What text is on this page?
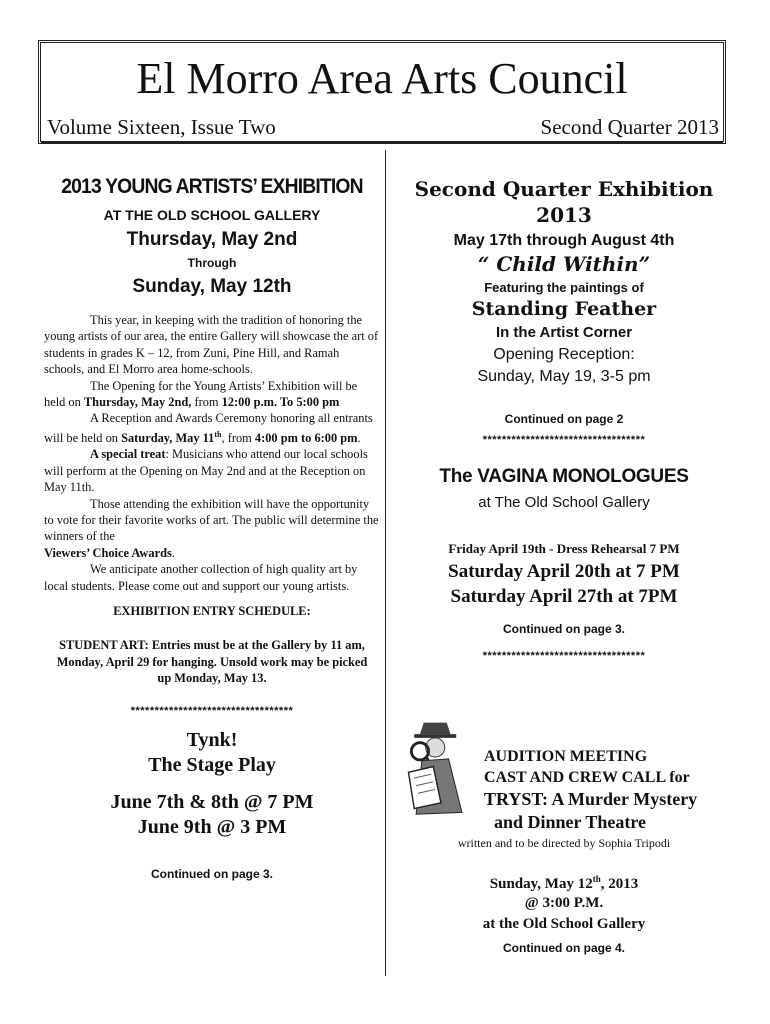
El Morro Area Arts Council
Volume Sixteen, Issue Two	Second Quarter 2013
2013 YOUNG ARTISTS’ EXHIBITION
AT THE OLD SCHOOL GALLERY
Thursday, May 2nd
Through
Sunday, May 12th

This year, in keeping with the tradition of honoring the young artists of our area, the entire Gallery will showcase the art of students in grades K – 12, from Zuni, Pine Hill, and Ramah schools, and El Morro area home-schools.

The Opening for the Young Artists’ Exhibition will be held on Thursday, May 2nd, from 12:00 p.m. To 5:00 pm

A Reception and Awards Ceremony honoring all entrants will be held on Saturday, May 11th, from 4:00 pm to 6:00 pm.

A special treat: Musicians who attend our local schools will perform at the Opening on May 2nd and at the Reception on May 11th.

Those attending the exhibition will have the opportunity to vote for their favorite works of art. The public will determine the winners of the
Viewers’ Choice Awards.

We anticipate another collection of high quality art by local students. Please come out and support our young artists.

EXHIBITION ENTRY SCHEDULE:
STUDENT ART: Entries must be at the Gallery by 11 am, Monday, April 29 for hanging. Unsold work may be picked up Monday, May 13.
**********************************
Tynk!
The Stage Play
June 7th & 8th @ 7 PM
June 9th @ 3 PM
Continued on page 3.
Second Quarter Exhibition
2013
May 17th through August 4th
“ Child Within”
Featuring the paintings of
Standing Feather
In the Artist Corner
Opening Reception:
Sunday, May 19, 3-5 pm
Continued on page 2
**********************************
The VAGINA MONOLOGUES
at The Old School Gallery
Friday April 19th - Dress Rehearsal 7 PM
Saturday April 20th at 7 PM
Saturday April 27th at 7PM
Continued on page 3.
**********************************
AUDITION MEETING
CAST AND CREW CALL for
TRYST: A Murder Mystery
and Dinner Theatre
written and to be directed by Sophia Tripodi
Sunday, May 12th, 2013
@ 3:00 P.M.
at the Old School Gallery
Continued on page 4.
